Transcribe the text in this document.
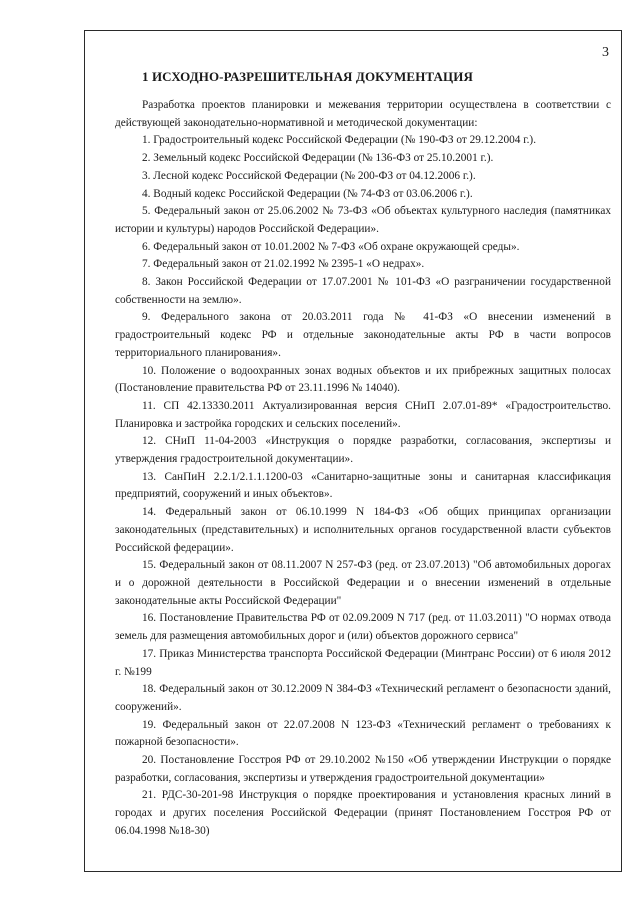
3
1 ИСХОДНО-РАЗРЕШИТЕЛЬНАЯ ДОКУМЕНТАЦИЯ

Разработка проектов планировки и межевания территории осуществлена в соответствии с действующей законодательно-нормативной и методической документации:

1. Градостроительный кодекс Российской Федерации (№ 190-ФЗ от 29.12.2004 г.).

2. Земельный кодекс Российской Федерации (№ 136-ФЗ от 25.10.2001 г.).

3. Лесной кодекс Российской Федерации (№ 200-ФЗ от 04.12.2006 г.).

4. Водный кодекс Российской Федерации (№ 74-ФЗ от 03.06.2006 г.).

5. Федеральный закон от 25.06.2002 № 73-ФЗ «Об объектах культурного наследия (памятниках истории и культуры) народов Российской Федерации».

6. Федеральный закон от 10.01.2002 № 7-ФЗ «Об охране окружающей среды».

7. Федеральный закон от 21.02.1992 № 2395-1 «О недрах».

8. Закон Российской Федерации от 17.07.2001 № 101-ФЗ «О разграничении государственной собственности на землю».

9. Федерального закона от 20.03.2011 года № 41-ФЗ «О внесении изменений в градостроительный кодекс РФ и отдельные законодательные акты РФ в части вопросов территориального планирования».

10. Положение о водоохранных зонах водных объектов и их прибрежных защитных полосах (Постановление правительства РФ от 23.11.1996 № 14040).

11. СП 42.13330.2011 Актуализированная версия СНиП 2.07.01-89* «Градостроительство. Планировка и застройка городских и сельских поселений».

12. СНиП 11-04-2003 «Инструкция о порядке разработки, согласования, экспертизы и утверждения градостроительной документации».

13. СанПиН 2.2.1/2.1.1.1200-03 «Санитарно-защитные зоны и санитарная классификация предприятий, сооружений и иных объектов».

14. Федеральный закон от 06.10.1999 N 184-ФЗ «Об общих принципах организации законодательных (представительных) и исполнительных органов государственной власти субъектов Российской федерации».

15. Федеральный закон от 08.11.2007 N 257-ФЗ (ред. от 23.07.2013) "Об автомобильных дорогах и о дорожной деятельности в Российской Федерации и о внесении изменений в отдельные законодательные акты Российской Федерации"

16. Постановление Правительства РФ от 02.09.2009 N 717 (ред. от 11.03.2011) "О нормах отвода земель для размещения автомобильных дорог и (или) объектов дорожного сервиса"

17. Приказ Министерства транспорта Российской Федерации (Минтранс России) от 6 июля 2012 г. №199

18. Федеральный закон от 30.12.2009 N 384-ФЗ «Технический регламент о безопасности зданий, сооружений».

19. Федеральный закон от 22.07.2008 N 123-ФЗ «Технический регламент о требованиях к пожарной безопасности».

20. Постановление Госстроя РФ от 29.10.2002 №150 «Об утверждении Инструкции о порядке разработки, согласования, экспертизы и утверждения градостроительной документации»

21. РДС-30-201-98 Инструкция о порядке проектирования и установления красных линий в городах и других поселения Российской Федерации (принят Постановлением Госстроя РФ от 06.04.1998 №18-30)
